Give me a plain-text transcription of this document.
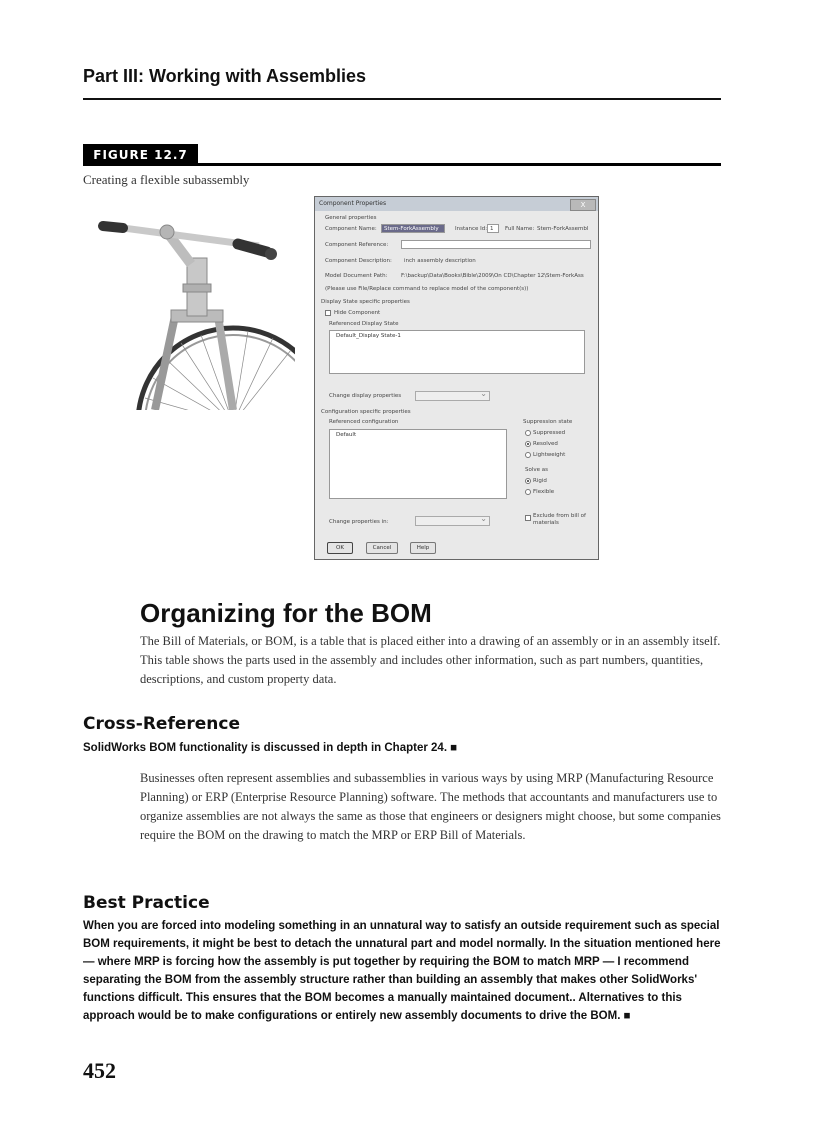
Part III: Working with Assemblies
FIGURE 12.7
Creating a flexible subassembly
Component Properties	X
General properties
Component Name:	Stem-ForkAssembly	Instance Id: 1	Full Name: Stem-ForkAssembl
Component Reference:
Component Description:	inch assembly description
Model Document Path: F:\backup\Data\Books\Bible\2009\On CD\Chapter 12\Stem-ForkAss
(Please use File/Replace command to replace model of the component(s))
Display State specific properties
Hide Component
Referenced Display State
Default_Display State-1
Change display properties
⌄
Configuration specific properties
Referenced configuration
Default
Suppression state
Suppressed
Resolved
Lightweight
Solve as
Rigid
Flexible
Exclude from bill of materials
Change properties in:
⌄
OK	Cancel	Help
Organizing for the BOM
The Bill of Materials, or BOM, is a table that is placed either into a drawing of an assembly or in an assembly itself. This table shows the parts used in the assembly and includes other information, such as part numbers, quantities, descriptions, and custom property data.
Cross-Reference
SolidWorks BOM functionality is discussed in depth in Chapter 24. ■
Businesses often represent assemblies and subassemblies in various ways by using MRP (Manufacturing Resource Planning) or ERP (Enterprise Resource Planning) software. The methods that accountants and manufacturers use to organize assemblies are not always the same as those that engineers or designers might choose, but some companies require the BOM on the drawing to match the MRP or ERP Bill of Materials.
Best Practice
When you are forced into modeling something in an unnatural way to satisfy an outside requirement such as special BOM requirements, it might be best to detach the unnatural part and model normally. In the situation mentioned here — where MRP is forcing how the assembly is put together by requiring the BOM to match MRP — I recommend separating the BOM from the assembly structure rather than building an assembly that makes other SolidWorks' functions difficult. This ensures that the BOM becomes a manually maintained document.. Alternatives to this approach would be to make configurations or entirely new assembly documents to drive the BOM. ■
452
